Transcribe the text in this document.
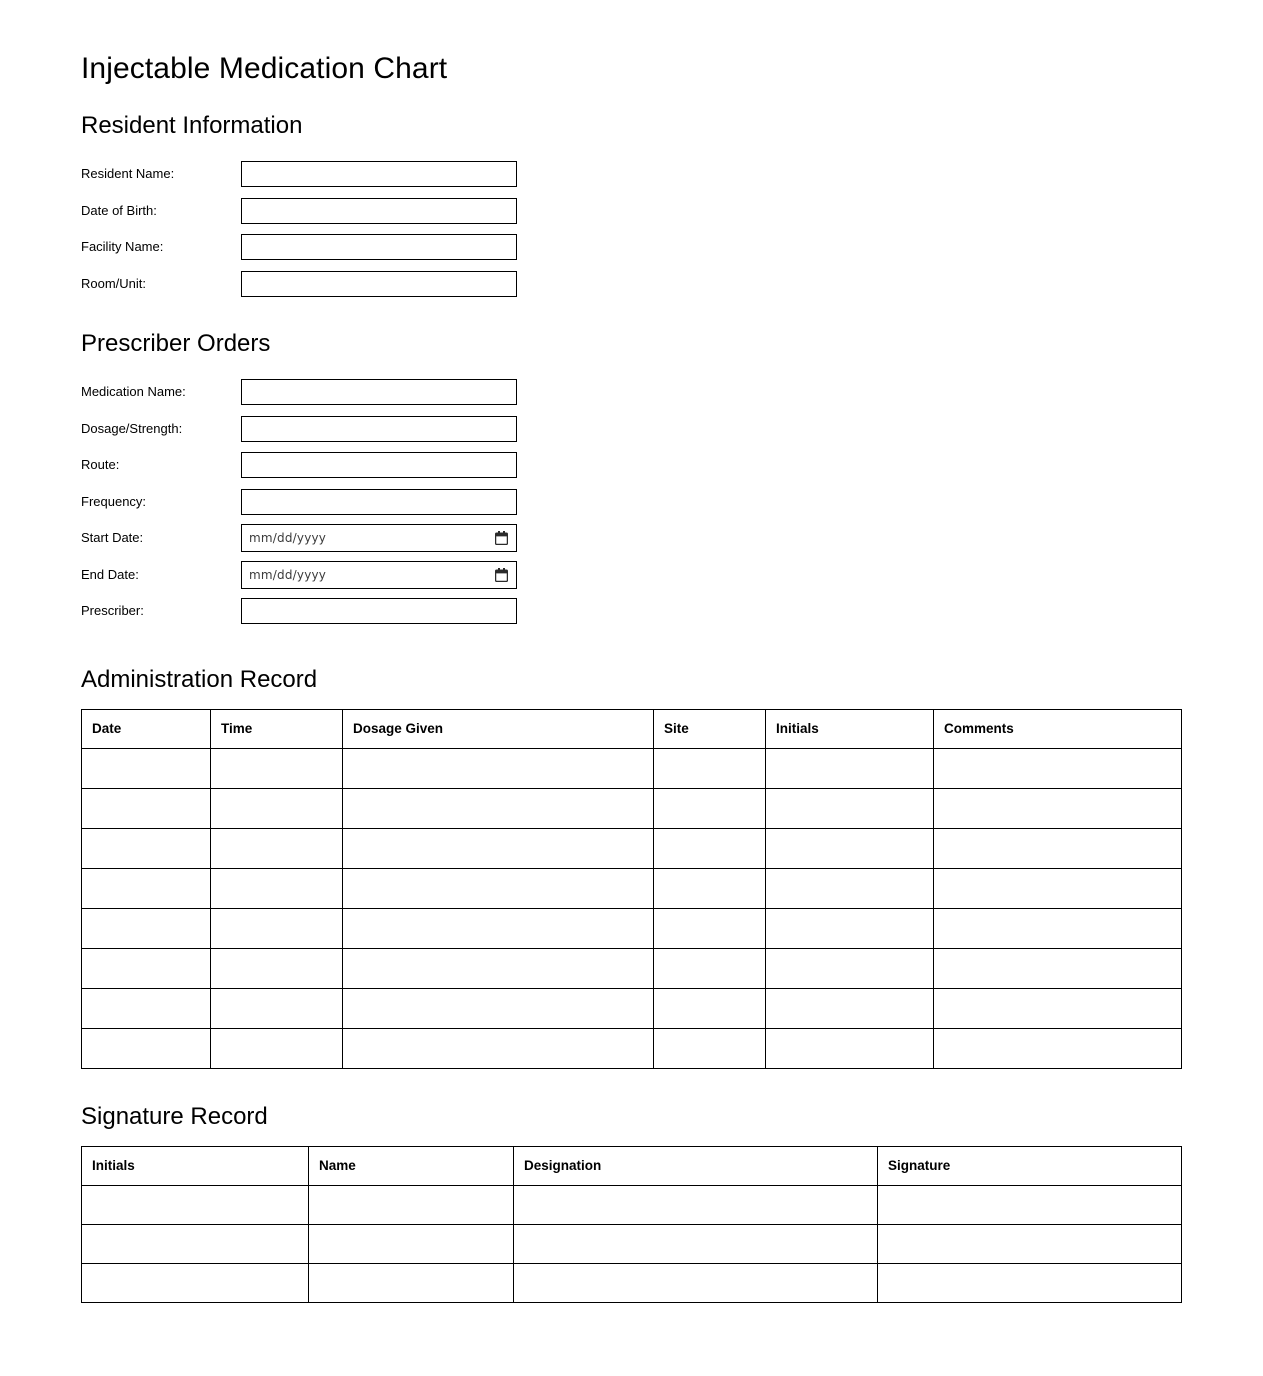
Injectable Medication Chart
Resident Information
Resident Name:
Date of Birth:
Facility Name:
Room/Unit:
Prescriber Orders
Medication Name:
Dosage/Strength:
Route:
Frequency:
Start Date:	mm/dd/yyyy
End Date:	mm/dd/yyyy
Prescriber:
Administration Record
Date	Time	Dosage Given	Site	Initials	Comments

Signature Record
Initials	Name	Designation	Signature
